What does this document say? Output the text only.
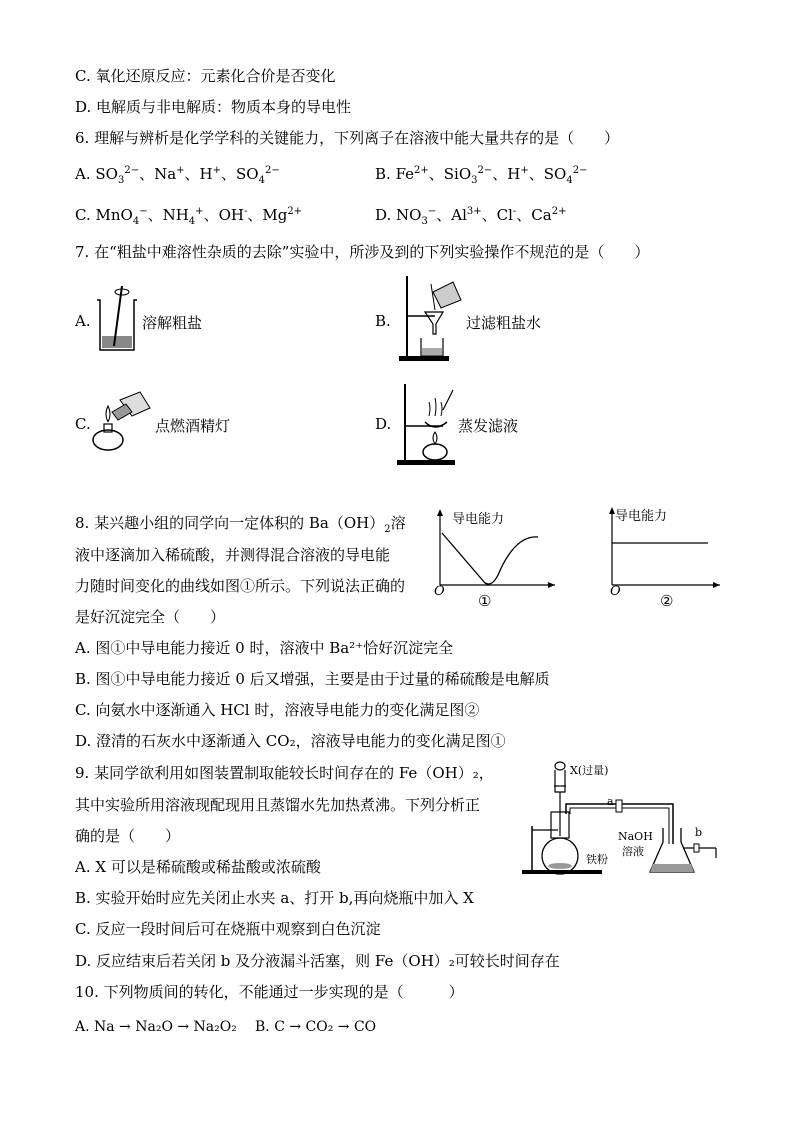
C. 氧化还原反应：元素化合价是否变化
D. 电解质与非电解质：物质本身的导电性
6. 理解与辨析是化学学科的关键能力，下列离子在溶液中能大量共存的是（　　）
A. $SO_3^{2-}$、Na+、H+、$SO_4^{2-}$	B. $Fe^{2+}$、SiO$_3^{2-}$、H+、$SO_4^{2-}$
C. MnO$_4$−、$NH_4^+$、OH-、$Mg^{2+}$	D. $NO_3^-$、$Al^{3+}$、Cl-、$Ca^{2+}$
7. 在“粗盐中难溶性杂质的去除”实验中，所涉及到的下列实验操作不规范的是（　　）
A.	溶解粗盐	B.	过滤粗盐水
C.	点燃酒精灯	D.	蒸发滤液
8. 某兴趣小组的同学向一定体积的 $Ba(OH)_2$溶
液中逐滴加入稀硫酸，并测得混合溶液的导电能
力随时间变化的曲线如图①所示。下列说法正确的
是好沉淀完全（　　）
导电能力
O
①
导电能力
O
②
A. 图①中导电能力接近 0 时，溶液中 Ba²⁺恰好沉淀完全
B. 图①中导电能力接近 0 后又增强，主要是由于过量的稀硫酸是电解质
C. 向氨水中逐渐通入 HCl 时，溶液导电能力的变化满足图②
D. 澄清的石灰水中逐渐通入 CO₂，溶液导电能力的变化满足图①
9. 某同学欲利用如图装置制取能较长时间存在的 Fe（OH）₂，
其中实验所用溶液现配现用且蒸馏水先加热煮沸。下列分析正
确的是（　　）
X(过量)
a
b
铁粉
NaOH
溶液
A. X 可以是稀硫酸或稀盐酸或浓硫酸
B. 实验开始时应先关闭止水夹 a、打开 b,再向烧瓶中加入 X
C. 反应一段时间后可在烧瓶中观察到白色沉淀
D. 反应结束后若关闭 b 及分液漏斗活塞，则 Fe（OH）₂可较长时间存在
10. 下列物质间的转化，不能通过一步实现的是（　　　）
A. Na → Na₂O → Na₂O₂ B. C → CO₂ → CO
